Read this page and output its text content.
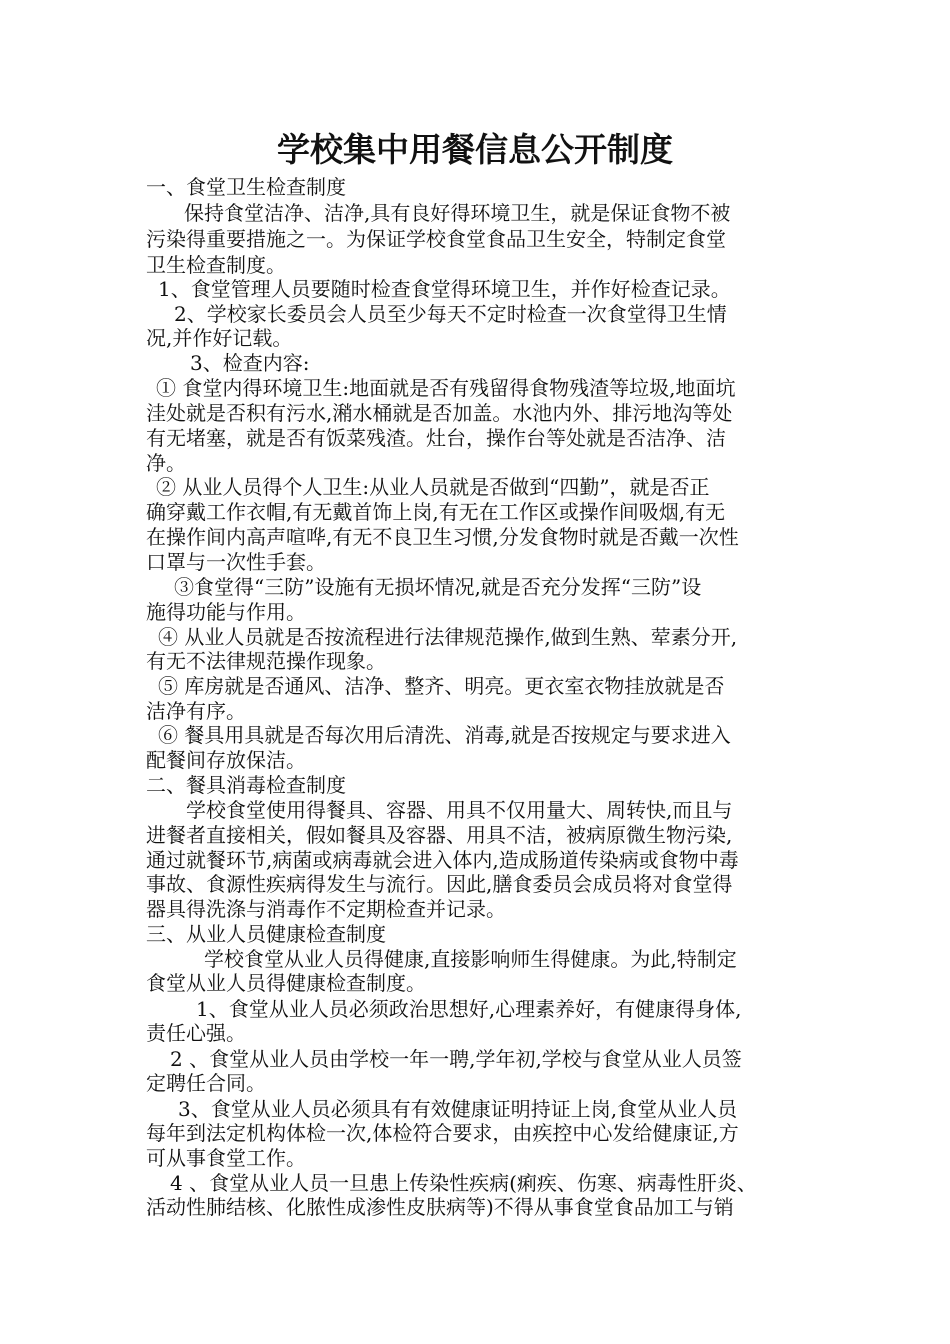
学校集中用餐信息公开制度
一、食堂卫生检查制度
保持食堂洁净、洁净,具有良好得环境卫生，就是保证食物不被
污染得重要措施之一。为保证学校食堂食品卫生安全，特制定食堂
卫生检查制度。
1、食堂管理人员要随时检查食堂得环境卫生，并作好检查记录。
2、学校家长委员会人员至少每天不定时检查一次食堂得卫生情
况,并作好记载。
3、检查内容:
① 食堂内得环境卫生:地面就是否有残留得食物残渣等垃圾,地面坑
洼处就是否积有污水,潲水桶就是否加盖。水池内外、排污地沟等处
有无堵塞，就是否有饭菜残渣。灶台，操作台等处就是否洁净、洁
净。
② 从业人员得个人卫生:从业人员就是否做到“四勤”，就是否正
确穿戴工作衣帽,有无戴首饰上岗,有无在工作区或操作间吸烟,有无
在操作间内高声喧哗,有无不良卫生习惯,分发食物时就是否戴一次性
口罩与一次性手套。
③食堂得“三防”设施有无损坏情况,就是否充分发挥“三防”设
施得功能与作用。
④ 从业人员就是否按流程进行法律规范操作,做到生熟、荤素分开,
有无不法律规范操作现象。
⑤ 库房就是否通风、洁净、整齐、明亮。更衣室衣物挂放就是否
洁净有序。
⑥ 餐具用具就是否每次用后清洗、消毒,就是否按规定与要求进入
配餐间存放保洁。
二、餐具消毒检查制度
学校食堂使用得餐具、容器、用具不仅用量大、周转快,而且与
进餐者直接相关，假如餐具及容器、用具不洁，被病原微生物污染,
通过就餐环节,病菌或病毒就会进入体内,造成肠道传染病或食物中毒
事故、食源性疾病得发生与流行。因此,膳食委员会成员将对食堂得
器具得洗涤与消毒作不定期检查并记录。
三、从业人员健康检查制度
学校食堂从业人员得健康,直接影响师生得健康。为此,特制定
食堂从业人员得健康检查制度。
1、食堂从业人员必须政治思想好,心理素养好，有健康得身体,
责任心强。
2 、食堂从业人员由学校一年一聘,学年初,学校与食堂从业人员签
定聘任合同。
3、食堂从业人员必须具有有效健康证明持证上岗,食堂从业人员
每年到法定机构体检一次,体检符合要求，由疾控中心发给健康证,方
可从事食堂工作。
4 、食堂从业人员一旦患上传染性疾病(痢疾、伤寒、病毒性肝炎、
活动性肺结核、化脓性成渗性皮肤病等)不得从事食堂食品加工与销
